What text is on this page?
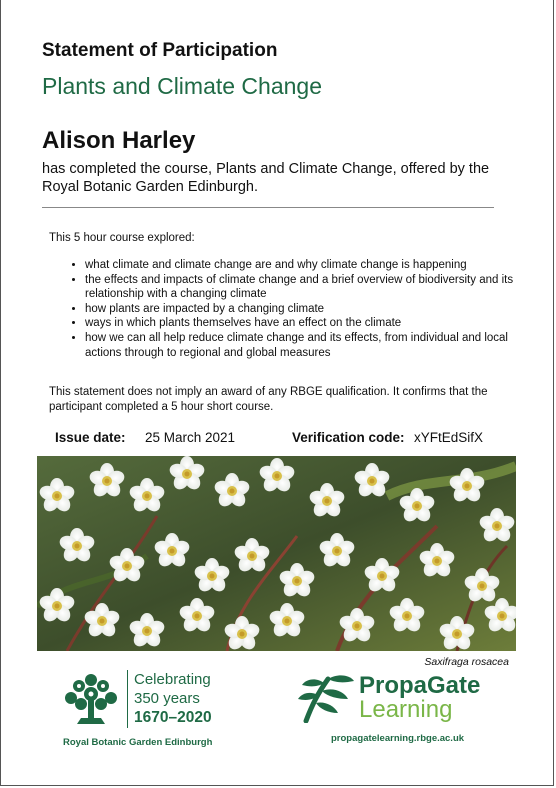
Statement of Participation
Plants and Climate Change
Alison Harley
has completed the course, Plants and Climate Change, offered by the Royal Botanic Garden Edinburgh.
This 5 hour course explored:
• what climate and climate change are and why climate change is happening
• the effects and impacts of climate change and a brief overview of biodiversity and its relationship with a changing climate
• how plants are impacted by a changing climate
• ways in which plants themselves have an effect on the climate
• how we can all help reduce climate change and its effects, from individual and local actions through to regional and global measures
This statement does not imply an award of any RBGE qualification. It confirms that the participant completed a 5 hour short course.
Issue date: 25 March 2021	Verification code: xYFtEdSifX
Saxifraga rosacea
Celebrating
350 years
1670–2020
Royal Botanic Garden Edinburgh
PropaGate
Learning
propagatelearning.rbge.ac.uk
